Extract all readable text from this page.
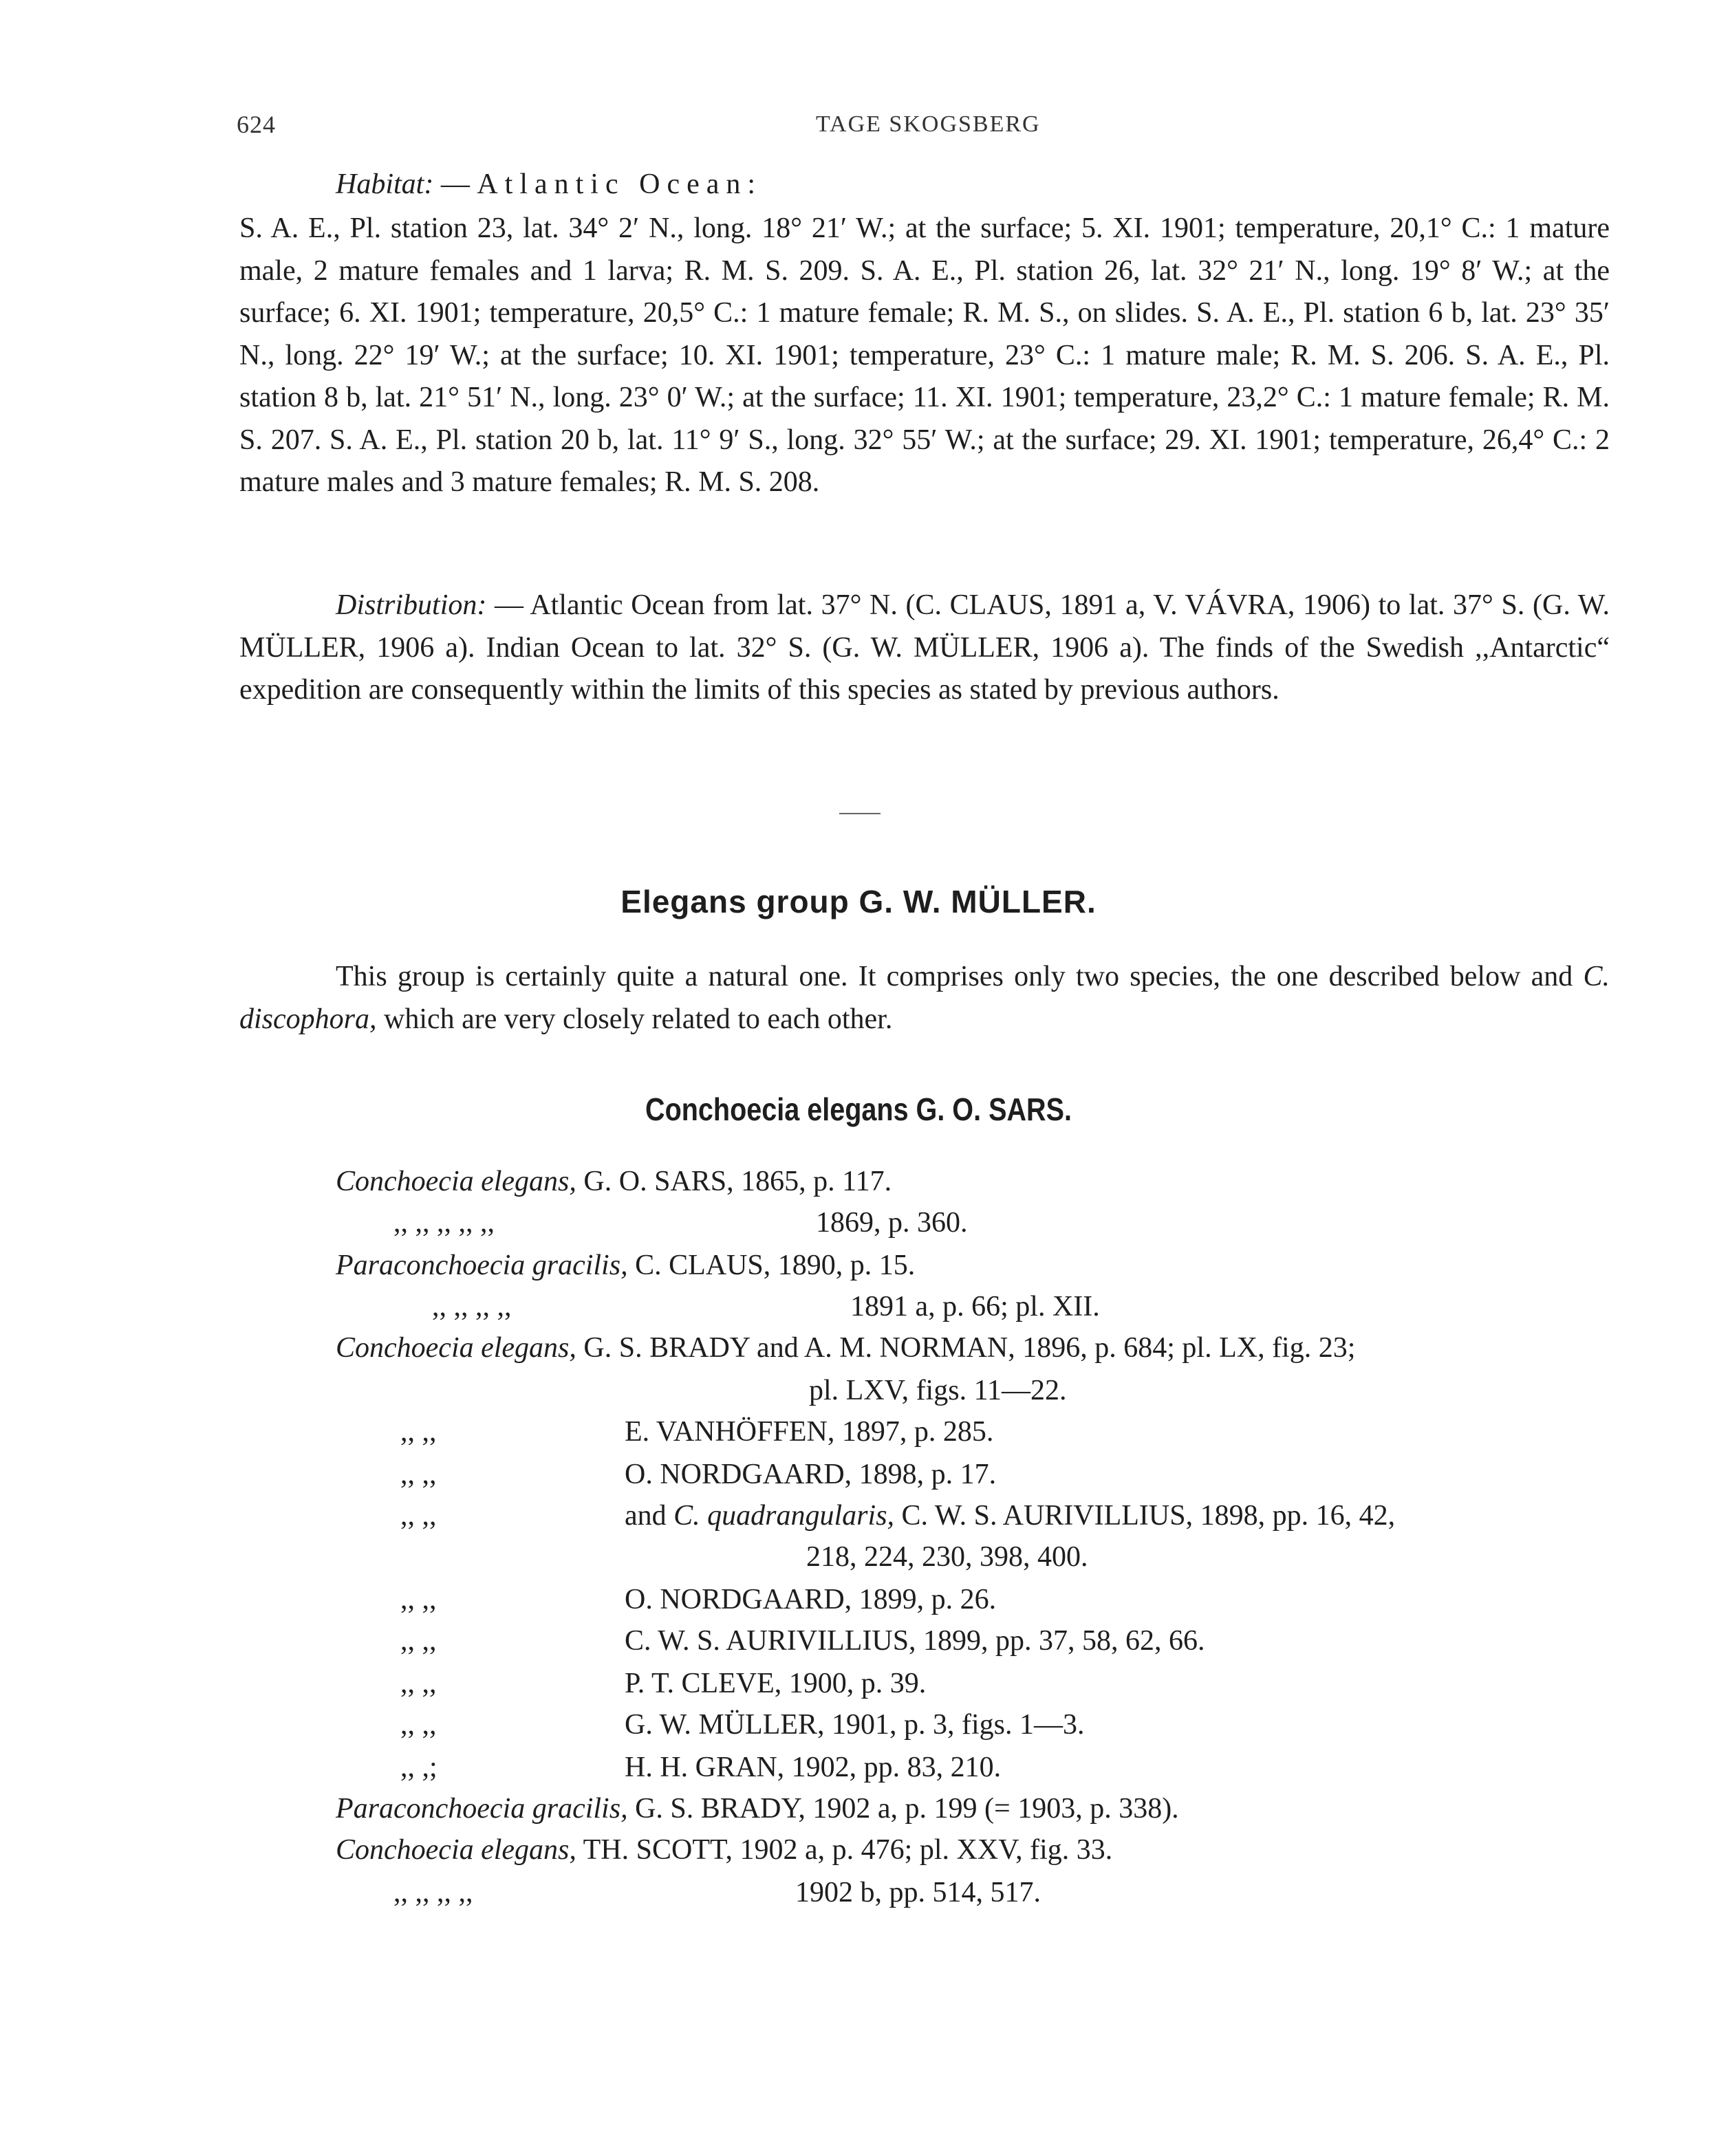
624	TAGE SKOGSBERG
Habitat: — Atlantic Ocean:
S. A. E., Pl. station 23, lat. 34° 2′ N., long. 18° 21′ W.; at the surface; 5. XI. 1901; temperature, 20,1° C.: 1 mature male, 2 mature females and 1 larva; R. M. S. 209. S. A. E., Pl. station 26, lat. 32° 21′ N., long. 19° 8′ W.; at the surface; 6. XI. 1901; temperature, 20,5° C.: 1 mature female; R. M. S., on slides. S. A. E., Pl. station 6 b, lat. 23° 35′ N., long. 22° 19′ W.; at the surface; 10. XI. 1901; temperature, 23° C.: 1 mature male; R. M. S. 206. S. A. E., Pl. station 8 b, lat. 21° 51′ N., long. 23° 0′ W.; at the surface; 11. XI. 1901; temperature, 23,2° C.: 1 mature female; R. M. S. 207. S. A. E., Pl. station 20 b, lat. 11° 9′ S., long. 32° 55′ W.; at the surface; 29. XI. 1901; temperature, 26,4° C.: 2 mature males and 3 mature females; R. M. S. 208.
Distribution: — Atlantic Ocean from lat. 37° N. (C. CLAUS, 1891 a, V. VÁVRA, 1906) to lat. 37° S. (G. W. MÜLLER, 1906 a). Indian Ocean to lat. 32° S. (G. W. MÜLLER, 1906 a). The finds of the Swedish ,,Antarctic“ expedition are consequently within the limits of this species as stated by previous authors.
Elegans group G. W. MÜLLER.
This group is certainly quite a natural one. It comprises only two species, the one described below and C. discophora, which are very closely related to each other.
Conchoecia elegans G. O. SARS.
Conchoecia elegans, G. O. SARS, 1865, p. 117.
,, ,, ,, ,, ,,	1869, p. 360.
Paraconchoecia gracilis, C. CLAUS, 1890, p. 15.
,, ,, ,, ,,	1891 a, p. 66; pl. XII.
Conchoecia elegans, G. S. BRADY and A. M. NORMAN, 1896, p. 684; pl. LX, fig. 23;
pl. LXV, figs. 11—22.
,, ,,	E. VANHÖFFEN, 1897, p. 285.
,, ,,	O. NORDGAARD, 1898, p. 17.
,, ,,	and C. quadrangularis, C. W. S. AURIVILLIUS, 1898, pp. 16, 42,
218, 224, 230, 398, 400.
,, ,,	O. NORDGAARD, 1899, p. 26.
,, ,,	C. W. S. AURIVILLIUS, 1899, pp. 37, 58, 62, 66.
,, ,,	P. T. CLEVE, 1900, p. 39.
,, ,,	G. W. MÜLLER, 1901, p. 3, figs. 1—3.
,, ,;	H. H. GRAN, 1902, pp. 83, 210.
Paraconchoecia gracilis, G. S. BRADY, 1902 a, p. 199 (= 1903, p. 338).
Conchoecia elegans, TH. SCOTT, 1902 a, p. 476; pl. XXV, fig. 33.
,, ,, ,, ,,	1902 b, pp. 514, 517.
